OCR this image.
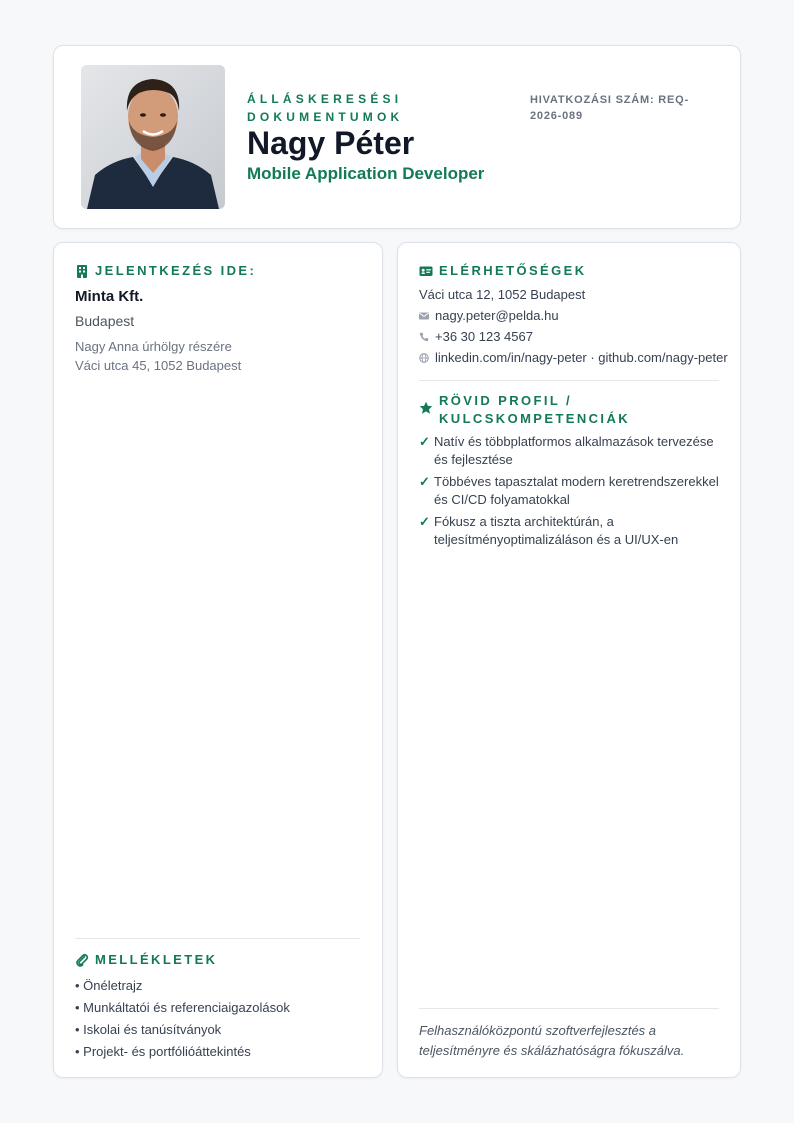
ÁLLÁSKERESÉSI DOKUMENTUMOK
Nagy Péter
Mobile Application Developer
HIVATKOZÁSI SZÁM: REQ-2026-089
JELENTKEZÉS IDE:
Minta Kft.
Budapest
Nagy Anna úrhölgy részére
Váci utca 45, 1052 Budapest
MELLÉKLETEK
• Önéletrajz
• Munkáltatói és referenciaigazolások
• Iskolai és tanúsítványok
• Projekt- és portfólióáttekintés
ELÉRHETŐSÉGEK
Váci utca 12, 1052 Budapest
nagy.peter@pelda.hu
+36 30 123 4567
linkedin.com/in/nagy-peter · github.com/nagy-peter
RÖVID PROFIL / KULCSKOMPETENCIÁK
✓ Natív és többplatformos alkalmazások tervezése és fejlesztése
✓ Többéves tapasztalat modern keretrendszerekkel és CI/CD folyamatokkal
✓ Fókusz a tiszta architektúrán, a teljesítményoptimalizáláson és a UI/UX-en
Felhasználóközpontú szoftverfejlesztés a teljesítményre és skálázhatóságra fókuszálva.
